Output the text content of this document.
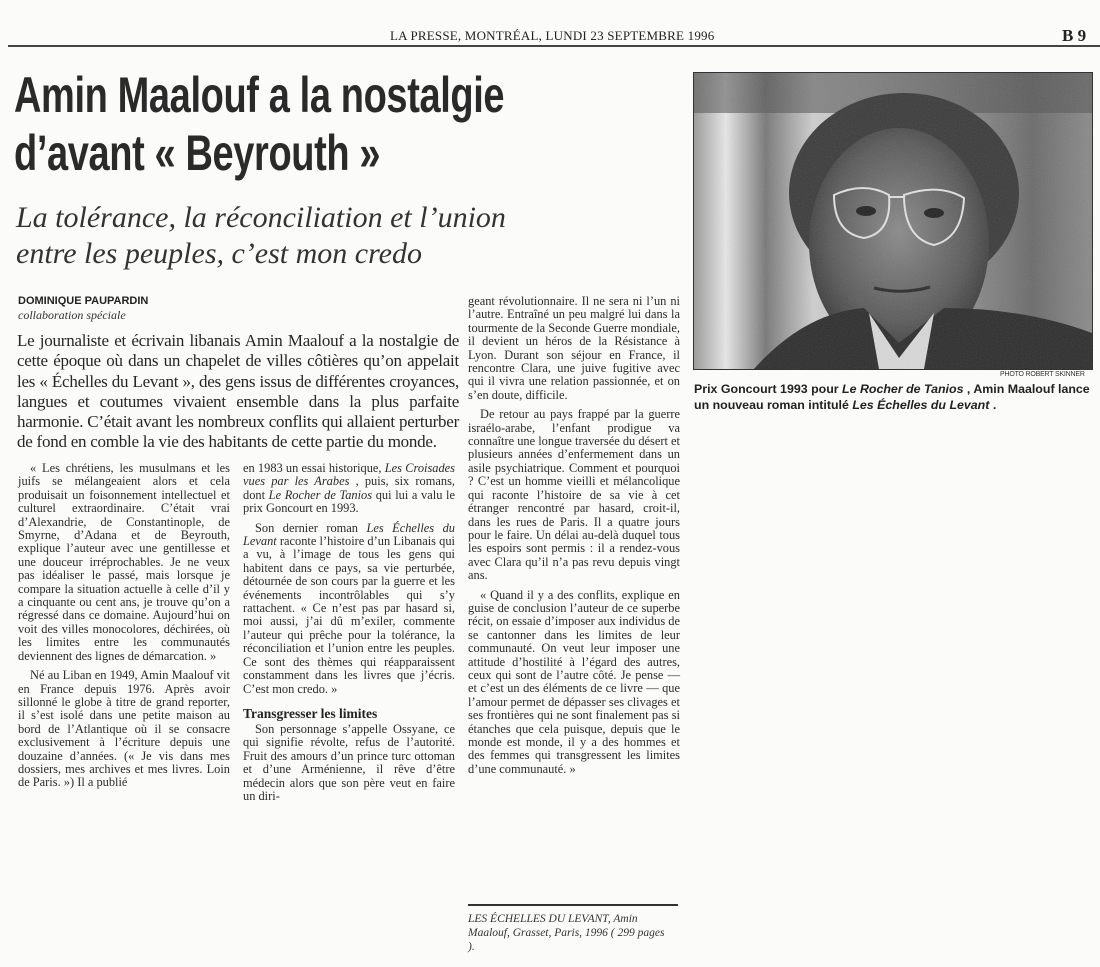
LA PRESSE, MONTRÉAL, LUNDI 23 SEPTEMBRE 1996	B 9
Amin Maalouf a la nostalgie
d’avant « Beyrouth »
La tolérance, la réconciliation et l’union
entre les peuples, c’est mon credo
DOMINIQUE PAUPARDIN
collaboration spéciale
Le journaliste et écrivain libanais Amin Maalouf a la nostalgie de cette époque où dans un chapelet de villes côtières qu’on appelait les « Échelles du Levant », des gens issus de différentes croyances, langues et coutumes vivaient ensemble dans la plus parfaite harmonie. C’était avant les nombreux conflits qui allaient perturber de fond en comble la vie des habitants de cette partie du monde.

« Les chrétiens, les musulmans et les juifs se mélangeaient alors et cela produisait un foisonnement intellectuel et culturel extraordinaire. C’était vrai d’Alexandrie, de Constantinople, de Smyrne, d’Adana et de Beyrouth, explique l’auteur avec une gentillesse et une douceur irréprochables. Je ne veux pas idéaliser le passé, mais lorsque je compare la situation actuelle à celle d’il y a cinquante ou cent ans, je trouve qu’on a régressé dans ce domaine. Aujourd’hui on voit des villes monocolores, déchirées, où les limites entre les communautés deviennent des lignes de démarcation. »

Né au Liban en 1949, Amin Maalouf vit en France depuis 1976. Après avoir sillonné le globe à titre de grand reporter, il s’est isolé dans une petite maison au bord de l’Atlantique où il se consacre exclusivement à l’écriture depuis une douzaine d’années. (« Je vis dans mes dossiers, mes archives et mes livres. Loin de Paris. ») Il a publié

en 1983 un essai historique, Les Croisades vues par les Arabes , puis, six romans, dont Le Rocher de Tanios qui lui a valu le prix Goncourt en 1993.

Son dernier roman Les Échelles du Levant raconte l’histoire d’un Libanais qui a vu, à l’image de tous les gens qui habitent dans ce pays, sa vie perturbée, détournée de son cours par la guerre et les événements incontrôlables qui s’y rattachent. « Ce n’est pas par hasard si, moi aussi, j’ai dû m’exiler, commente l’auteur qui prêche pour la tolérance, la réconciliation et l’union entre les peuples. Ce sont des thèmes qui réapparaissent constamment dans les livres que j’écris. C’est mon credo. »

Transgresser les limites

Son personnage s’appelle Ossyane, ce qui signifie révolte, refus de l’autorité. Fruit des amours d’un prince turc ottoman et d’une Arménienne, il rêve d’être médecin alors que son père veut en faire un diri-

geant révolutionnaire. Il ne sera ni l’un ni l’autre. Entraîné un peu malgré lui dans la tourmente de la Seconde Guerre mondiale, il devient un héros de la Résistance à Lyon. Durant son séjour en France, il rencontre Clara, une juive fugitive avec qui il vivra une relation passionnée, et on s’en doute, difficile.

De retour au pays frappé par la guerre israélo-arabe, l’enfant prodigue va connaître une longue traversée du désert et plusieurs années d’enfermement dans un asile psychiatrique. Comment et pourquoi ? C’est un homme vieilli et mélancolique qui raconte l’histoire de sa vie à cet étranger rencontré par hasard, croit-il, dans les rues de Paris. Il a quatre jours pour le faire. Un délai au-delà duquel tous les espoirs sont permis : il a rendez-vous avec Clara qu’il n’a pas revu depuis vingt ans.

« Quand il y a des conflits, explique en guise de conclusion l’auteur de ce superbe récit, on essaie d’imposer aux individus de se cantonner dans les limites de leur communauté. On veut leur imposer une attitude d’hostilité à l’égard des autres, ceux qui sont de l’autre côté. Je pense — et c’est un des éléments de ce livre — que l’amour permet de dépasser ses clivages et ses frontières qui ne sont finalement pas si étanches que cela puisque, depuis que le monde est monde, il y a des hommes et des femmes qui transgressent les limites d’une communauté. »

LES ÉCHELLES DU LEVANT, Amin Maalouf, Grasset, Paris, 1996 ( 299 pages ).
PHOTO ROBERT SKINNER
Prix Goncourt 1993 pour Le Rocher de Tanios , Amin Maalouf lance un nouveau roman intitulé Les Échelles du Levant .
